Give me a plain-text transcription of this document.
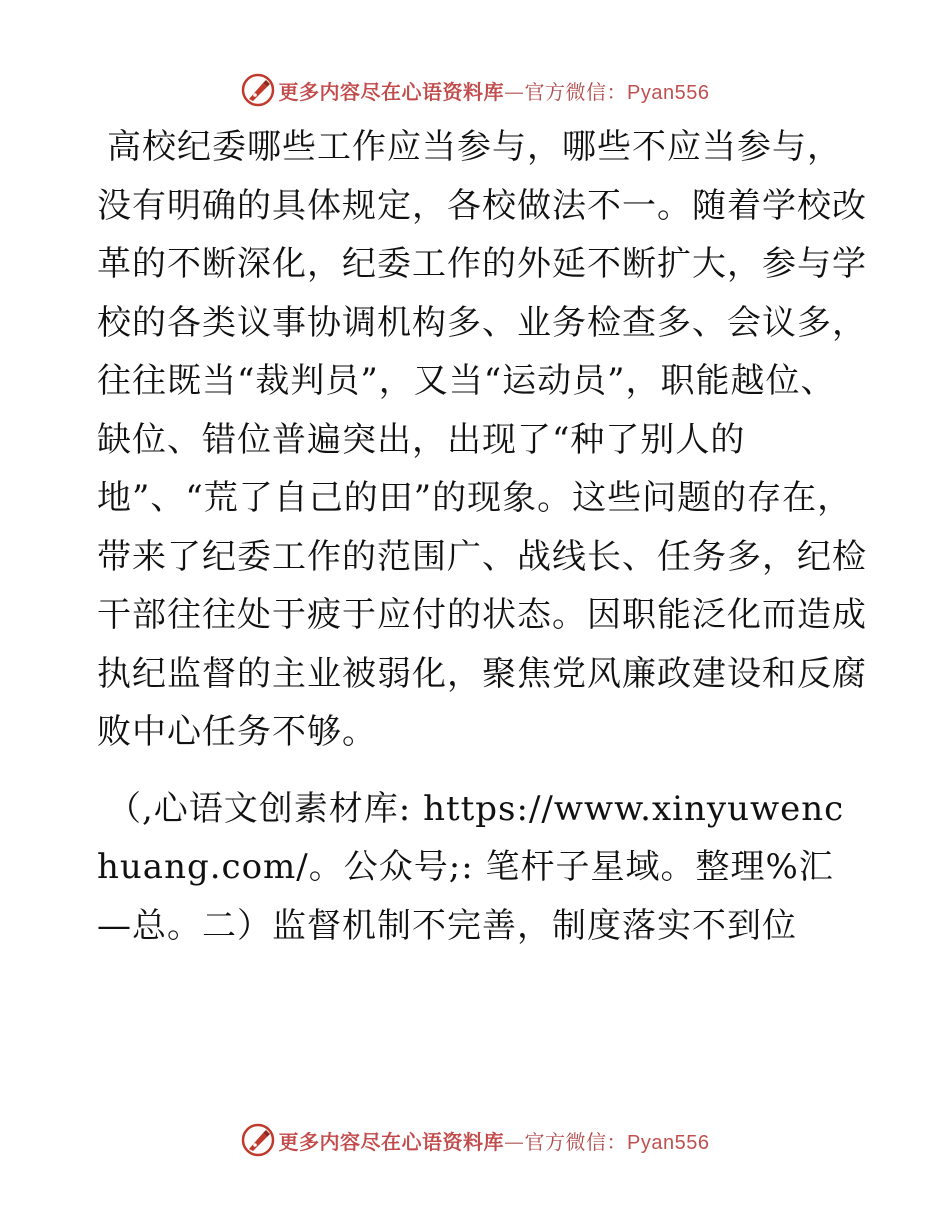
更多内容尽在心语资料库—官方微信：Pyan556

高校纪委哪些工作应当参与，哪些不应当参与，没有明确的具体规定，各校做法不一。随着学校改革的不断深化，纪委工作的外延不断扩大，参与学校的各类议事协调机构多、业务检查多、会议多，往往既当“裁判员”，又当“运动员”，职能越位、缺位、错位普遍突出，出现了“种了别人的地”、“荒了自己的田”的现象。这些问题的存在，带来了纪委工作的范围广、战线长、任务多，纪检干部往往处于疲于应付的状态。因职能泛化而造成执纪监督的主业被弱化，聚焦党风廉政建设和反腐败中心任务不够。

（,心语文创素材库: https://www.xinyuwenchuang.com/。公众号;: 笔杆子星域。整理%汇—总。二）监督机制不完善，制度落实不到位

更多内容尽在心语资料库—官方微信：Pyan556
